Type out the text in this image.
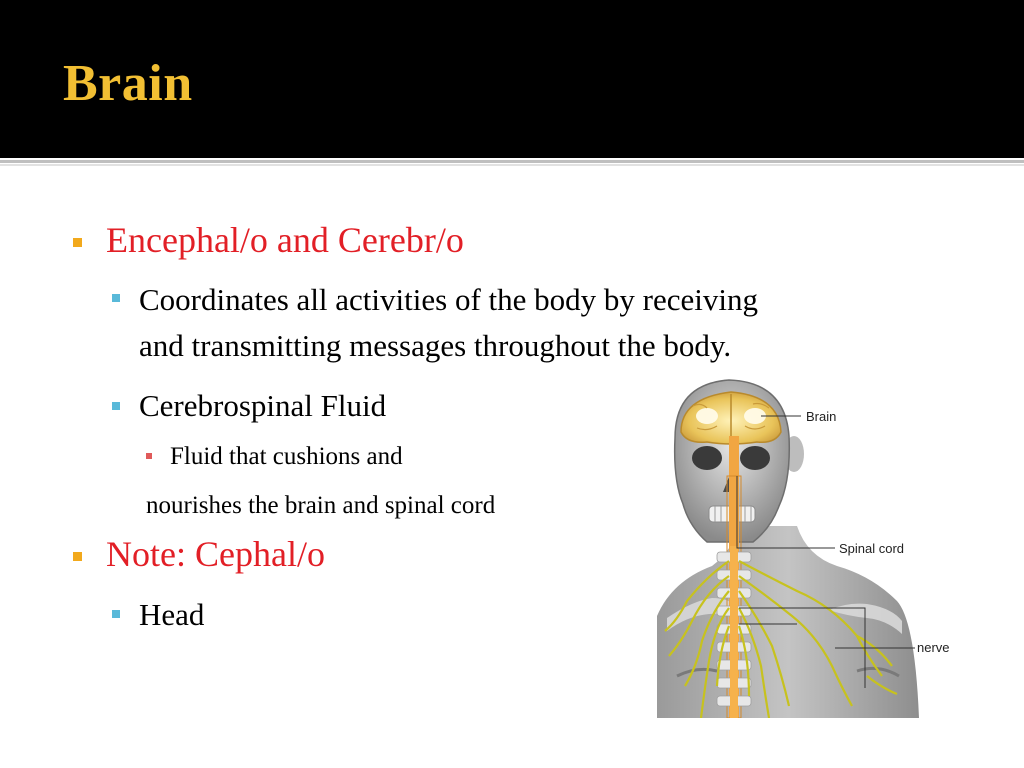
Brain

Encephal/o and Cerebr/o

Coordinates all activities of the body by receiving

and transmitting messages throughout the body.

Cerebrospinal Fluid

Fluid that cushions and

nourishes the brain and spinal cord

Note: Cephal/o

Head

Brain
Spinal cord
nerve
